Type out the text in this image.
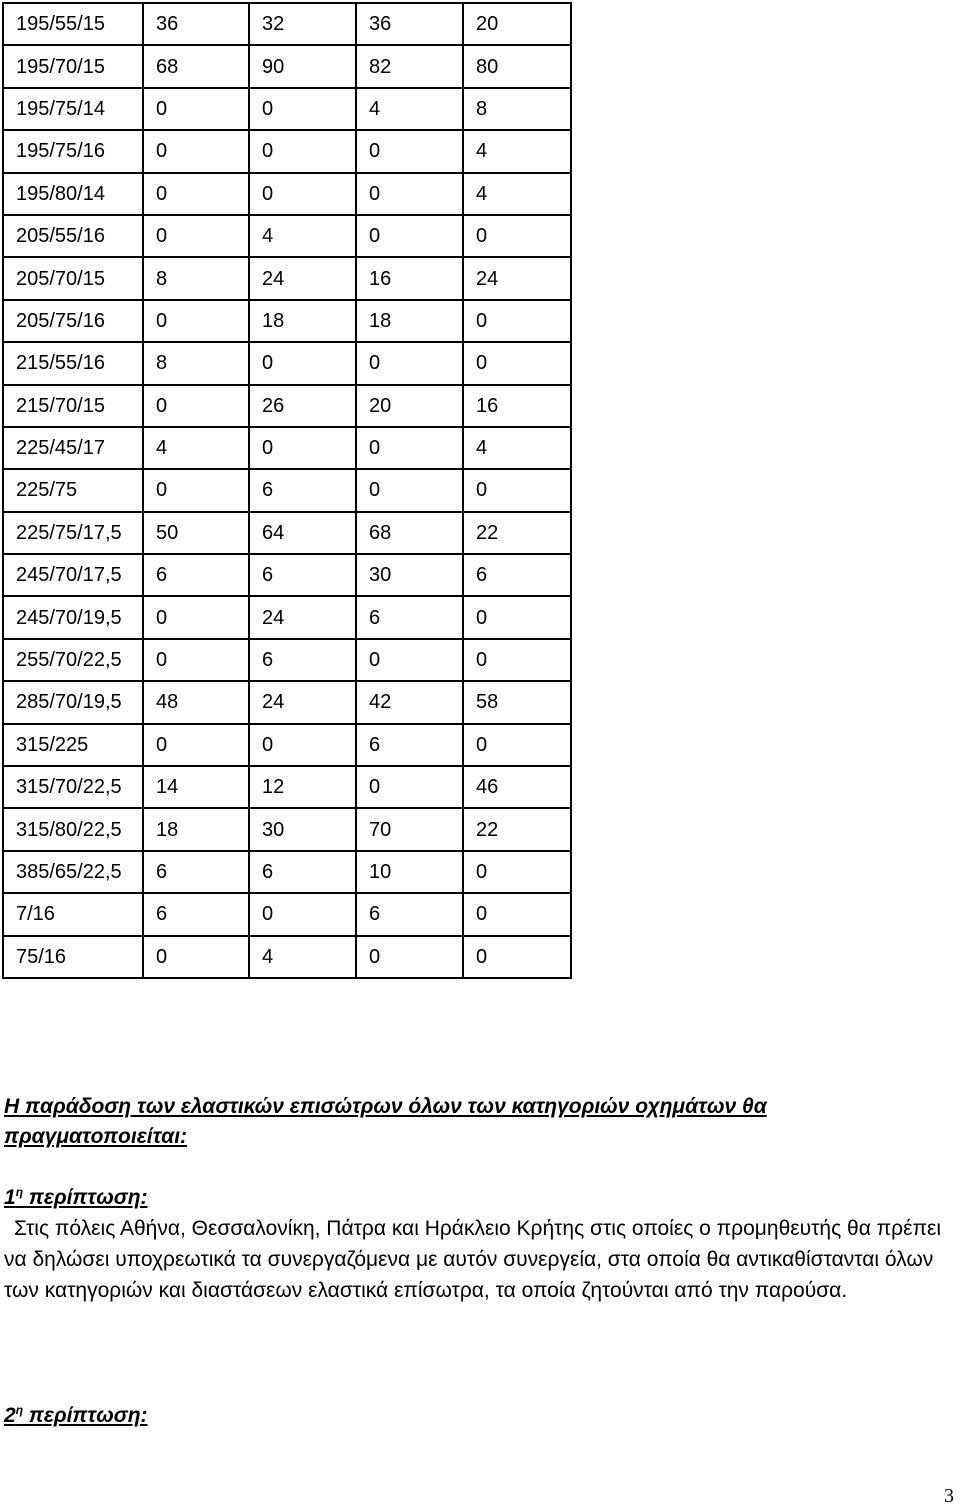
195/55/15	36	32	36	20
195/70/15	68	90	82	80
195/75/14	0	0	4	8
195/75/16	0	0	0	4
195/80/14	0	0	0	4
205/55/16	0	4	0	0
205/70/15	8	24	16	24
205/75/16	0	18	18	0
215/55/16	8	0	0	0
215/70/15	0	26	20	16
225/45/17	4	0	0	4
225/75	0	6	0	0
225/75/17,5	50	64	68	22
245/70/17,5	6	6	30	6
245/70/19,5	0	24	6	0
255/70/22,5	0	6	0	0
285/70/19,5	48	24	42	58
315/225	0	0	6	0
315/70/22,5	14	12	0	46
315/80/22,5	18	30	70	22
385/65/22,5	6	6	10	0
7/16	6	0	6	0
75/16	0	4	0	0

Η παράδοση των ελαστικών επισώτρων όλων των κατηγοριών οχημάτων θα πραγματοποιείται:

$1^\eta$ περίπτωση:

Στις πόλεις Αθήνα, Θεσσαλονίκη, Πάτρα και Ηράκλειο Κρήτης στις οποίες ο προμηθευτής θα πρέπει να δηλώσει υποχρεωτικά τα συνεργαζόμενα με αυτόν συνεργεία, στα οποία θα αντικαθίστανται όλων των κατηγοριών και διαστάσεων ελαστικά επίσωτρα, τα οποία ζητούνται από την παρούσα.

$2^\eta$ περίπτωση:

3
